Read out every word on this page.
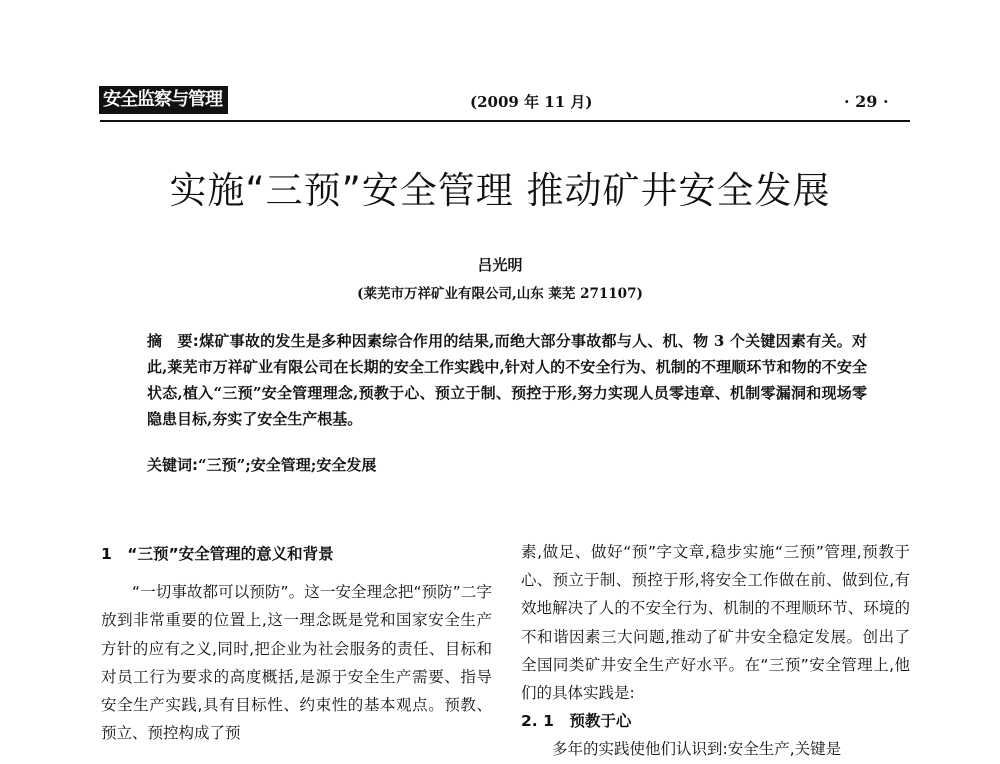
安全监察与管理	(2009 年 11 月)	· 29 ·
实施“三预”安全管理 推动矿井安全发展
吕光明
(莱芜市万祥矿业有限公司,山东 莱芜 271107)
摘　要:煤矿事故的发生是多种因素综合作用的结果,而绝大部分事故都与人、机、物 3 个关键因素有关。对此,莱芜市万祥矿业有限公司在长期的安全工作实践中,针对人的不安全行为、机制的不理顺环节和物的不安全状态,植入“三预”安全管理理念,预教于心、预立于制、预控于形,努力实现人员零违章、机制零漏洞和现场零隐患目标,夯实了安全生产根基。
关键词:“三预”;安全管理;安全发展
1　“三预”安全管理的意义和背景

“一切事故都可以预防”。这一安全理念把“预防”二字放到非常重要的位置上,这一理念既是党和国家安全生产方针的应有之义,同时,把企业为社会服务的责任、目标和对员工行为要求的高度概括,是源于安全生产需要、指导安全生产实践,具有目标性、约束性的基本观点。预教、预立、预控构成了预

素,做足、做好“预”字文章,稳步实施“三预”管理,预教于心、预立于制、预控于形,将安全工作做在前、做到位,有效地解决了人的不安全行为、机制的不理顺环节、环境的不和谐因素三大问题,推动了矿井安全稳定发展。创出了全国同类矿井安全生产好水平。在“三预”安全管理上,他们的具体实践是:

2. 1　预教于心

多年的实践使他们认识到:安全生产,关键是
